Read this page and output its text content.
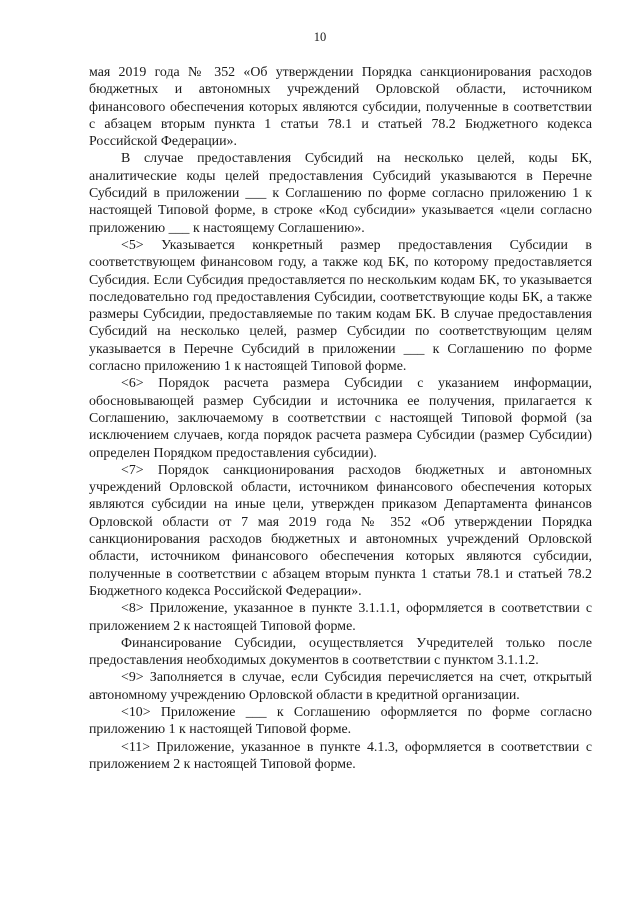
10

мая 2019 года № 352 «Об утверждении Порядка санкционирования расходов бюджетных и автономных учреждений Орловской области, источником финансового обеспечения которых являются субсидии, полученные в соответствии с абзацем вторым пункта 1 статьи 78.1 и статьей 78.2 Бюджетного кодекса Российской Федерации».

В случае предоставления Субсидий на несколько целей, коды БК, аналитические коды целей предоставления Субсидий указываются в Перечне Субсидий в приложении ___ к Соглашению по форме согласно приложению 1 к настоящей Типовой форме, в строке «Код субсидии» указывается «цели согласно приложению ___ к настоящему Соглашению».

<5> Указывается конкретный размер предоставления Субсидии в соответствующем финансовом году, а также код БК, по которому предоставляется Субсидия. Если Субсидия предоставляется по нескольким кодам БК, то указывается последовательно год предоставления Субсидии, соответствующие коды БК, а также размеры Субсидии, предоставляемые по таким кодам БК. В случае предоставления Субсидий на несколько целей, размер Субсидии по соответствующим целям указывается в Перечне Субсидий в приложении ___ к Соглашению по форме согласно приложению 1 к настоящей Типовой форме.

<6> Порядок расчета размера Субсидии с указанием информации, обосновывающей размер Субсидии и источника ее получения, прилагается к Соглашению, заключаемому в соответствии с настоящей Типовой формой (за исключением случаев, когда порядок расчета размера Субсидии (размер Субсидии) определен Порядком предоставления субсидии).

<7> Порядок санкционирования расходов бюджетных и автономных учреждений Орловской области, источником финансового обеспечения которых являются субсидии на иные цели, утвержден приказом Департамента финансов Орловской области от 7 мая 2019 года № 352 «Об утверждении Порядка санкционирования расходов бюджетных и автономных учреждений Орловской области, источником финансового обеспечения которых являются субсидии, полученные в соответствии с абзацем вторым пункта 1 статьи 78.1 и статьей 78.2 Бюджетного кодекса Российской Федерации».

<8> Приложение, указанное в пункте 3.1.1.1, оформляется в соответствии с приложением 2 к настоящей Типовой форме.

Финансирование Субсидии, осуществляется Учредителей только после предоставления необходимых документов в соответствии с пунктом 3.1.1.2.

<9> Заполняется в случае, если Субсидия перечисляется на счет, открытый автономному учреждению Орловской области в кредитной организации.

<10> Приложение ___ к Соглашению оформляется по форме согласно приложению 1 к настоящей Типовой форме.

<11> Приложение, указанное в пункте 4.1.3, оформляется в соответствии с приложением 2 к настоящей Типовой форме.
